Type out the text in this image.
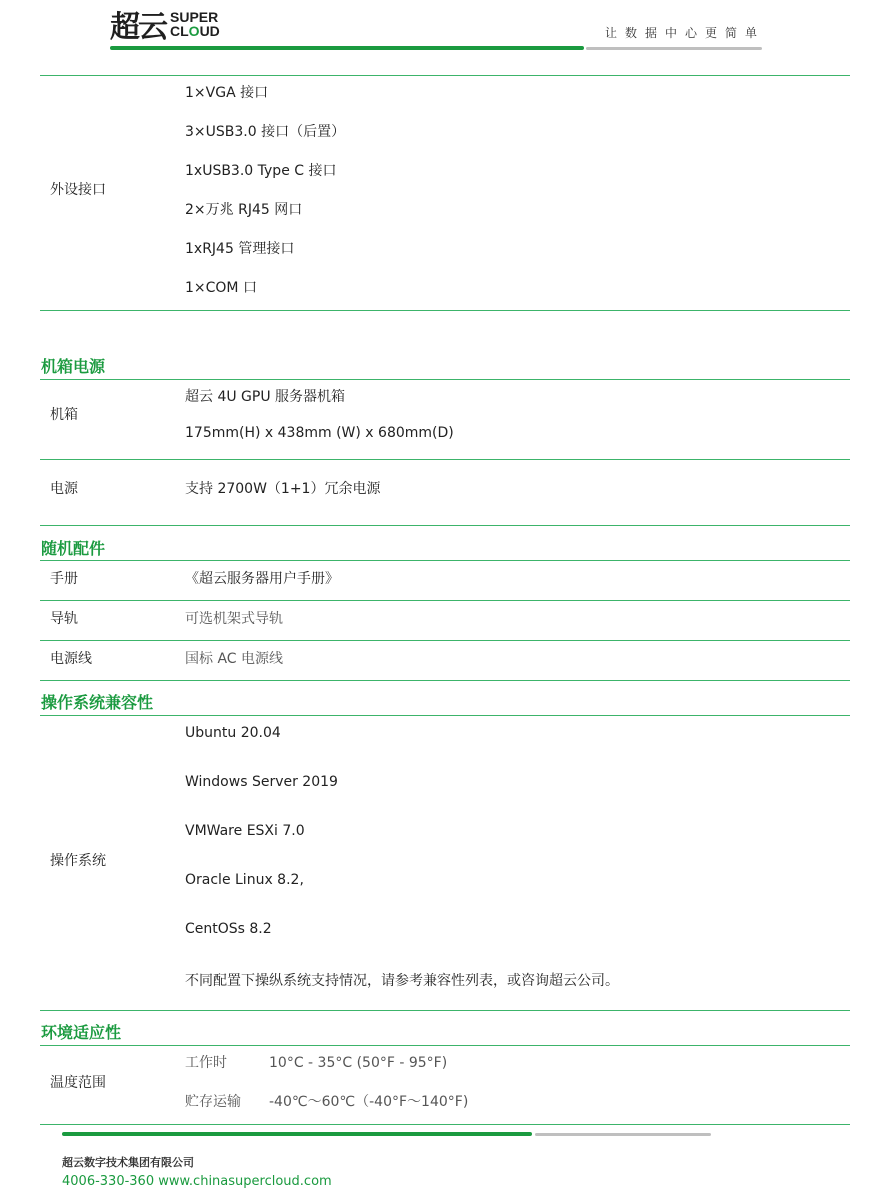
超云 SUPER
CLOUD	让数据中心更简单
外设接口
1×VGA 接口
3×USB3.0 接口（后置）
1xUSB3.0 Type C 接口
2×万兆 RJ45 网口
1xRJ45 管理接口
1×COM 口
机箱电源
机箱
超云 4U GPU 服务器机箱
175mm(H) x 438mm (W) x 680mm(D)
电源	支持 2700W（1+1）冗余电源
随机配件
手册	《超云服务器用户手册》
导轨	可选机架式导轨
电源线	国标 AC 电源线
操作系统兼容性
操作系统
Ubuntu 20.04
Windows Server 2019
VMWare ESXi 7.0
Oracle Linux 8.2,
CentOSs 8.2
不同配置下操纵系统支持情况，请参考兼容性列表，或咨询超云公司。
环境适应性
温度范围
工作时	10°C - 35°C (50°F - 95°F)
贮存运输 -40℃～60℃（-40°F～140°F)
超云数字技术集团有限公司
4006-330-360 www.chinasupercloud.com
